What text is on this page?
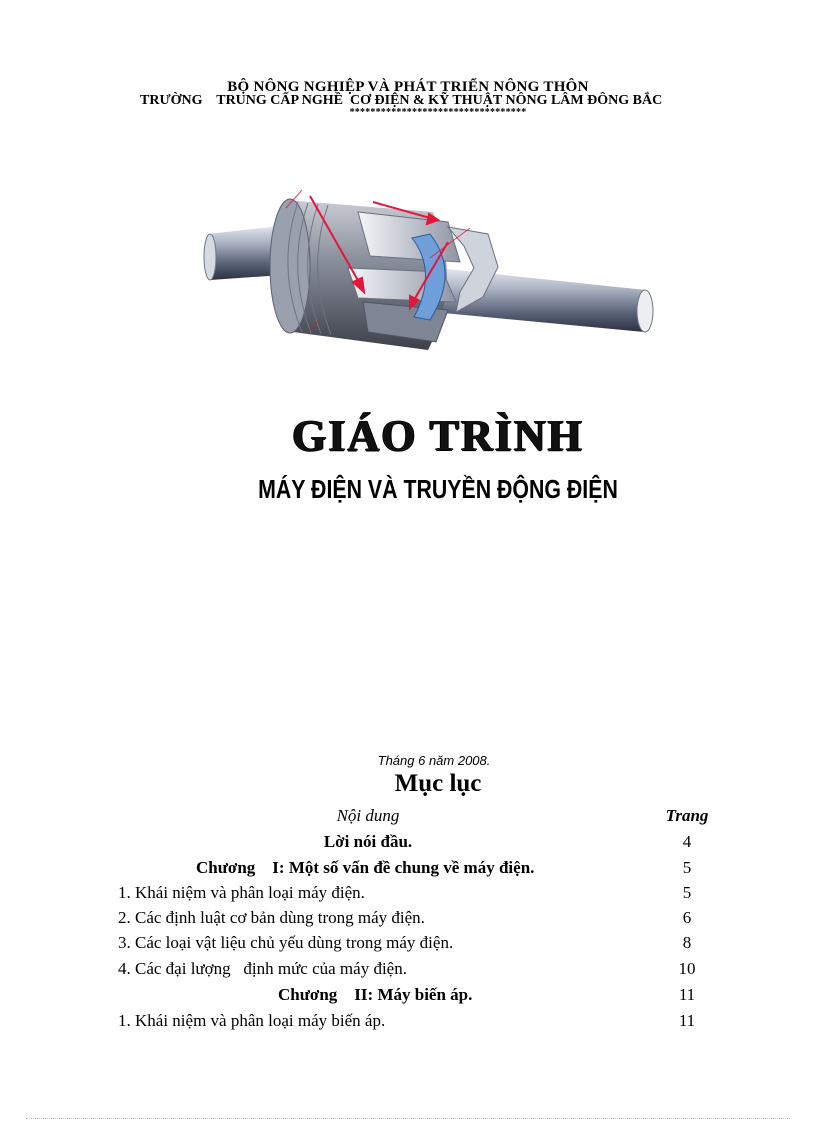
BỘ NÔNG NGHIỆP VÀ PHÁT TRIỂN NÔNG THÔN
TRƯỜNG    TRUNG CẤP NGHỀ  CƠ ĐIỆN & KỸ THUẬT NÔNG LÂM ĐÔNG BẮC
**********************************
GIÁO TRÌNH
MÁY ĐIỆN VÀ TRUYỀN ĐỘNG ĐIỆN
Tháng 6 năm 2008.
Mục lục
Nội dung	Trang
Lời nói đầu.	4
Chương    I: Một số vấn đề chung về máy điện.	5
1. Khái niệm và phân loại máy điện.	5
2. Các định luật cơ bản dùng trong máy điện.	6
3. Các loại vật liệu chủ yếu dùng trong máy điện.	8
4. Các đại lượng   định mức của máy điện.	10
Chương    II: Máy biến áp.	11
1. Khái niệm và phân loại máy biến áp.	11
